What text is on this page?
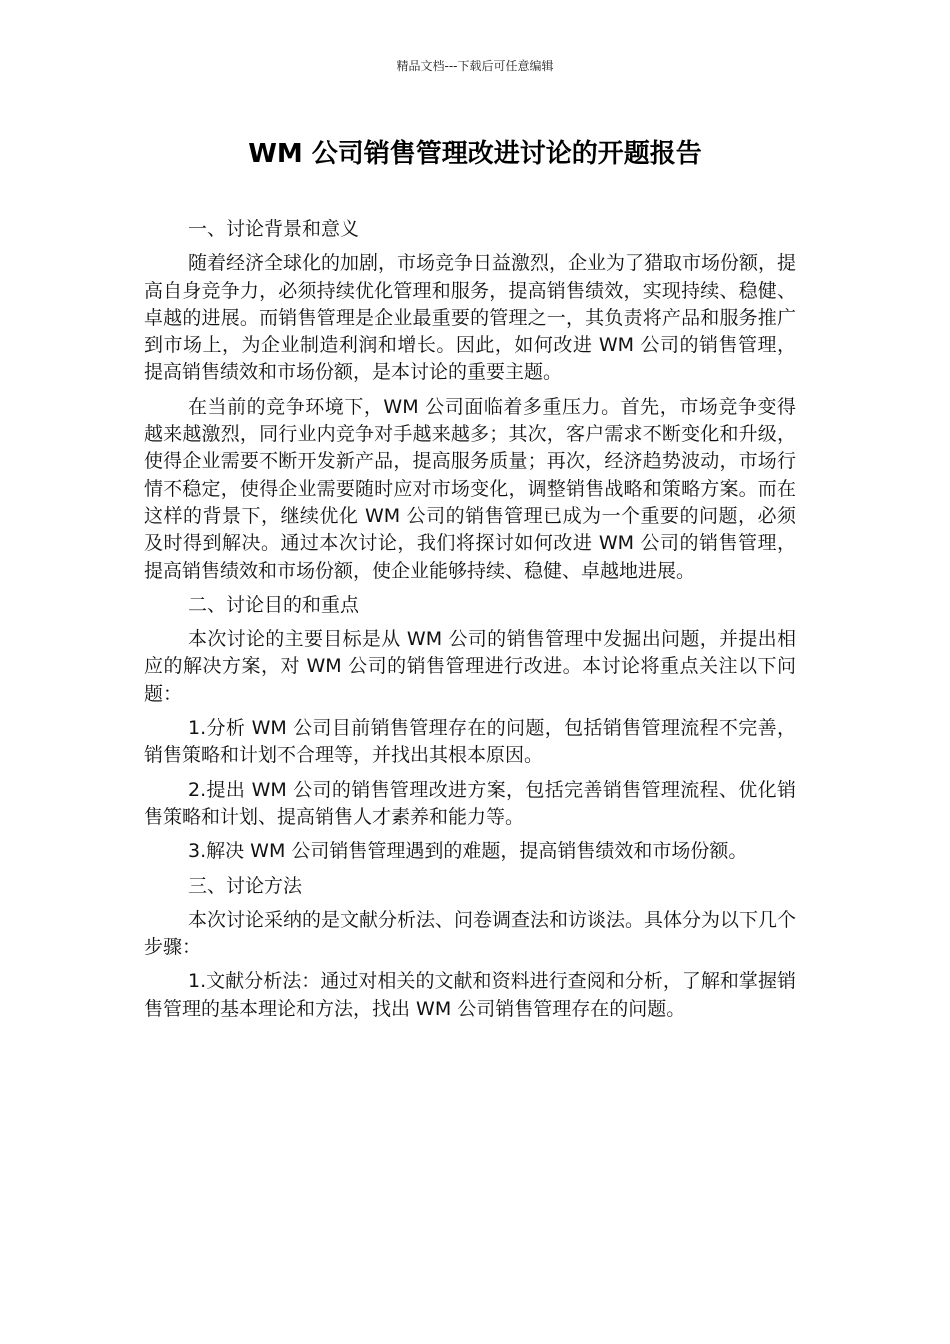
精品文档---下载后可任意编辑
WM 公司销售管理改进讨论的开题报告

一、讨论背景和意义

随着经济全球化的加剧，市场竞争日益激烈，企业为了猎取市场份额，提高自身竞争力，必须持续优化管理和服务，提高销售绩效，实现持续、稳健、卓越的进展。而销售管理是企业最重要的管理之一，其负责将产品和服务推广到市场上，为企业制造利润和增长。因此，如何改进 WM 公司的销售管理，提高销售绩效和市场份额，是本讨论的重要主题。

在当前的竞争环境下，WM 公司面临着多重压力。首先，市场竞争变得越来越激烈，同行业内竞争对手越来越多；其次，客户需求不断变化和升级，使得企业需要不断开发新产品，提高服务质量；再次，经济趋势波动，市场行情不稳定，使得企业需要随时应对市场变化，调整销售战略和策略方案。而在这样的背景下，继续优化 WM 公司的销售管理已成为一个重要的问题，必须及时得到解决。通过本次讨论，我们将探讨如何改进 WM 公司的销售管理，提高销售绩效和市场份额，使企业能够持续、稳健、卓越地进展。

二、讨论目的和重点

本次讨论的主要目标是从 WM 公司的销售管理中发掘出问题，并提出相应的解决方案，对 WM 公司的销售管理进行改进。本讨论将重点关注以下问题：

1.分析 WM 公司目前销售管理存在的问题，包括销售管理流程不完善，销售策略和计划不合理等，并找出其根本原因。

2.提出 WM 公司的销售管理改进方案，包括完善销售管理流程、优化销售策略和计划、提高销售人才素养和能力等。

3.解决 WM 公司销售管理遇到的难题，提高销售绩效和市场份额。

三、讨论方法

本次讨论采纳的是文献分析法、问卷调查法和访谈法。具体分为以下几个步骤：

1.文献分析法：通过对相关的文献和资料进行查阅和分析，了解和掌握销售管理的基本理论和方法，找出 WM 公司销售管理存在的问题。
